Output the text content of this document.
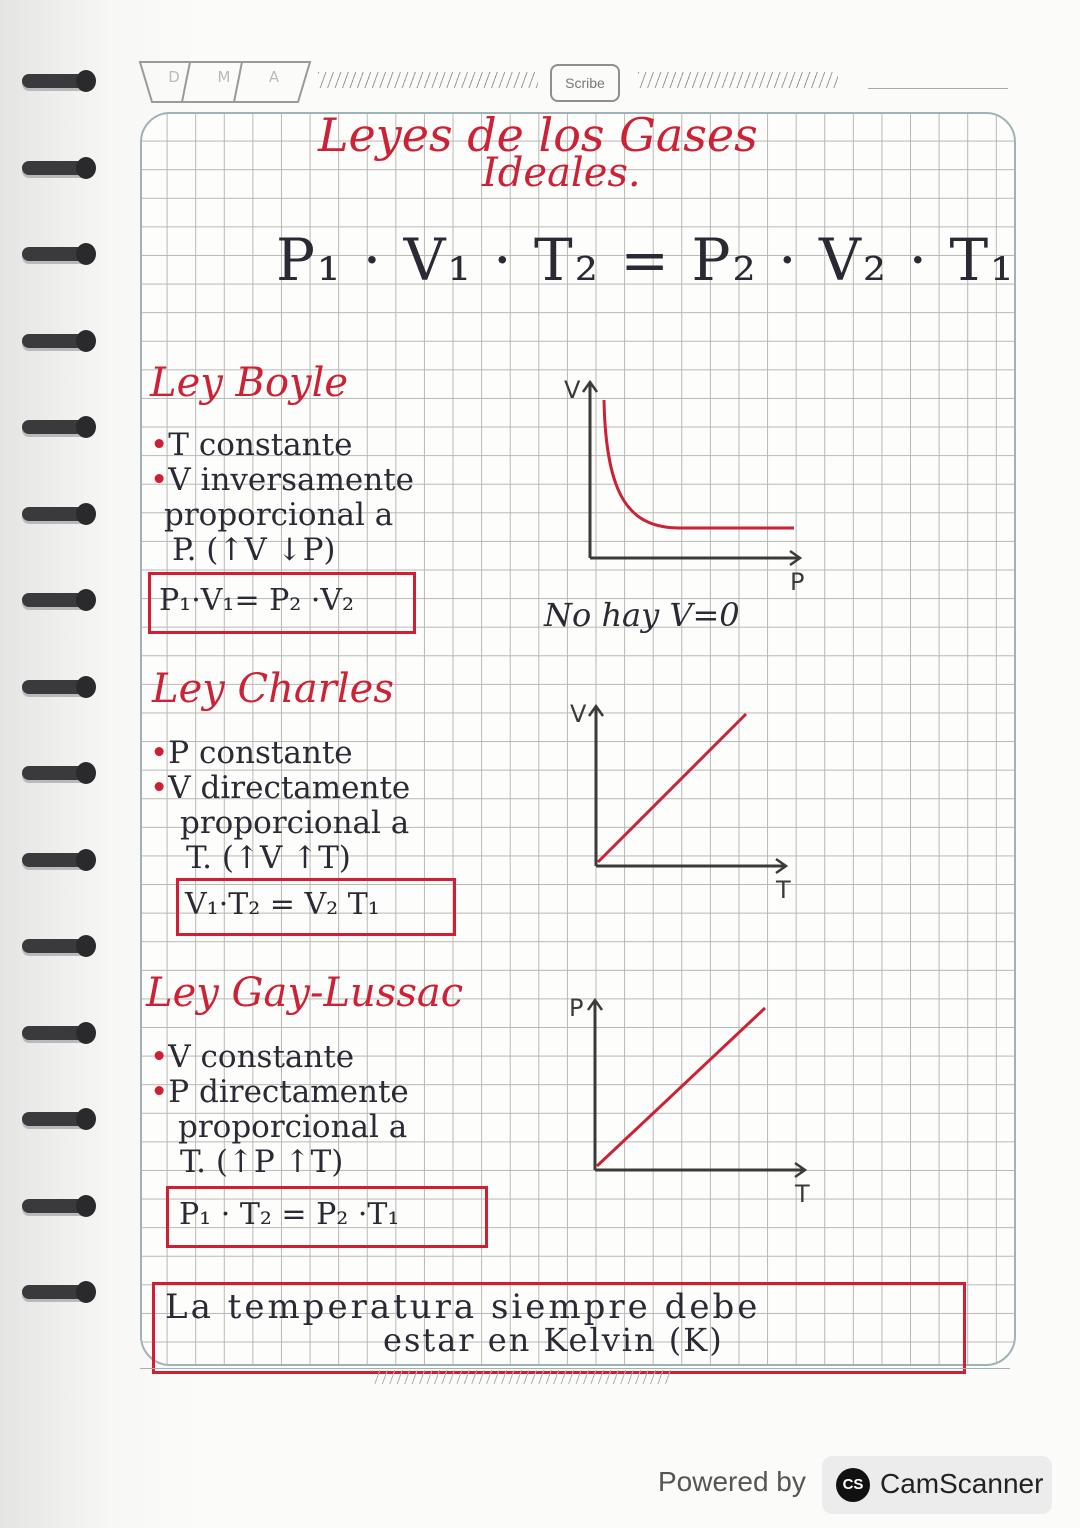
D	M	A	Scribe
Leyes de los Gases
Ideales.
P₁ · V₁ · T₂ = P₂ · V₂ · T₁
Ley Boyle
•T constante
•V inversamente
proporcional a
P. (↑V ↓P)
P₁·V₁= P₂ ·V₂
V
P
No hay V=0
Ley Charles
•P constante
•V directamente
proporcional a
T. (↑V ↑T)
V₁·T₂ = V₂ T₁
V
T
Ley Gay-Lussac
•V constante
•P directamente
proporcional a
T. (↑P ↑T)
P₁ · T₂ = P₂ ·T₁
P
T
La temperatura siempre debe
estar en Kelvin (K)
Powered by	CS CamScanner
